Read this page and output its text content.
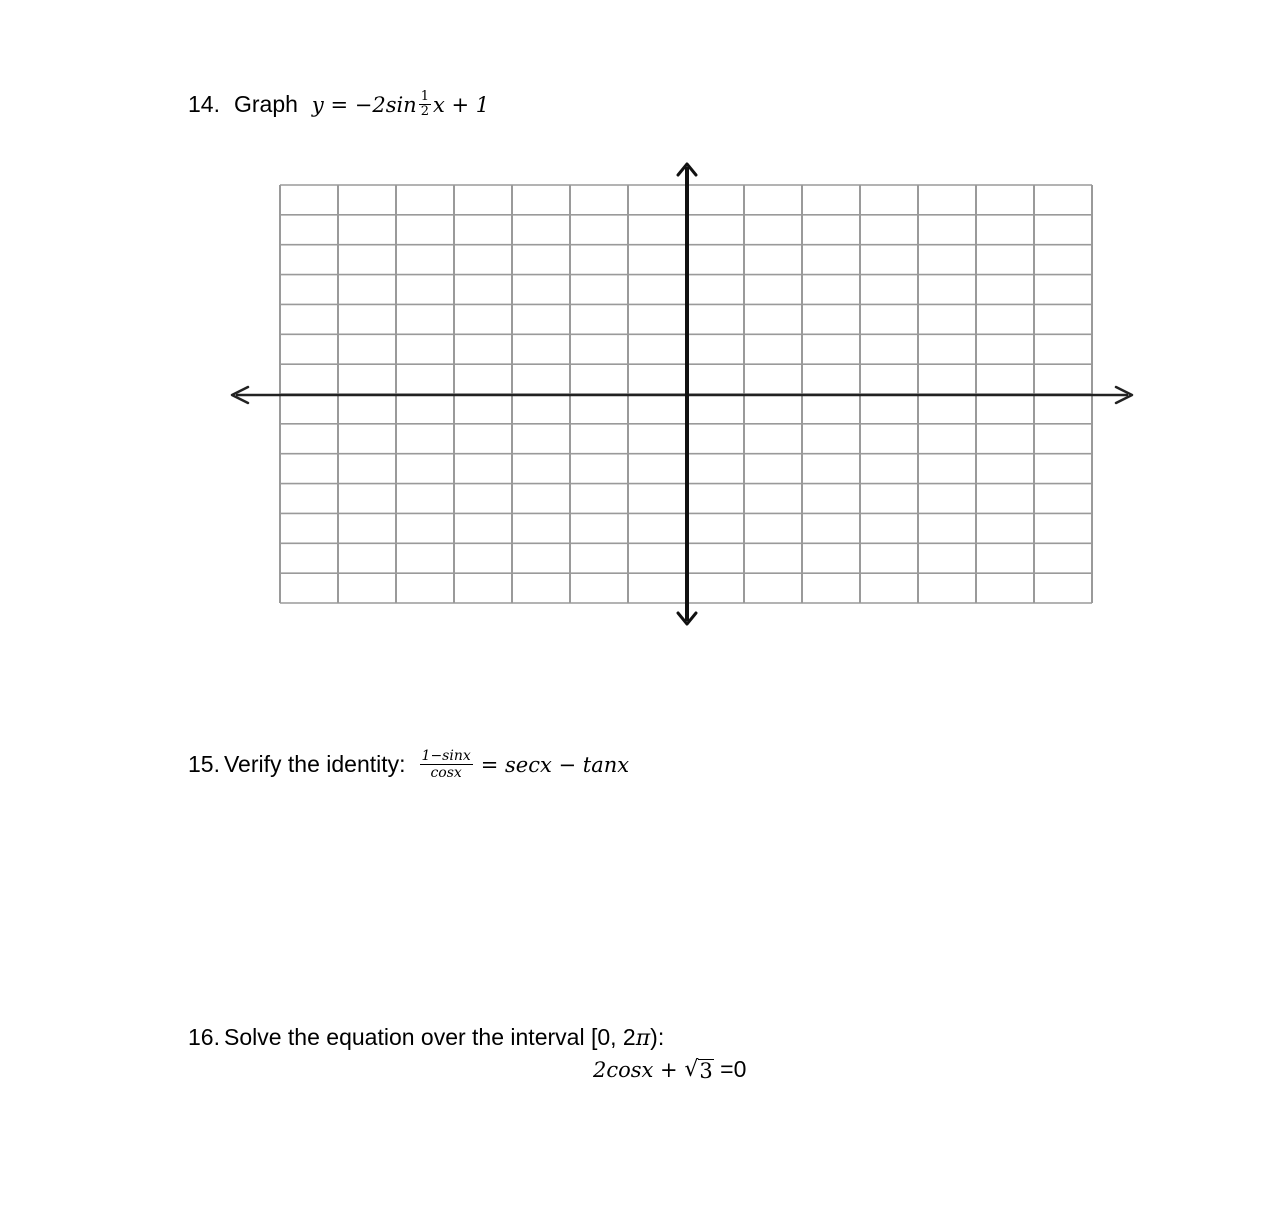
14. Graph $y = -2\sin \frac{1}{2}$ x + 1
15. Verify the identity: $\frac{1-\sin x}{\cos x} = \sec x - \tan x$
16. Solve the equation over the interval [0, 2π):
2cosx + √ 3 =0
